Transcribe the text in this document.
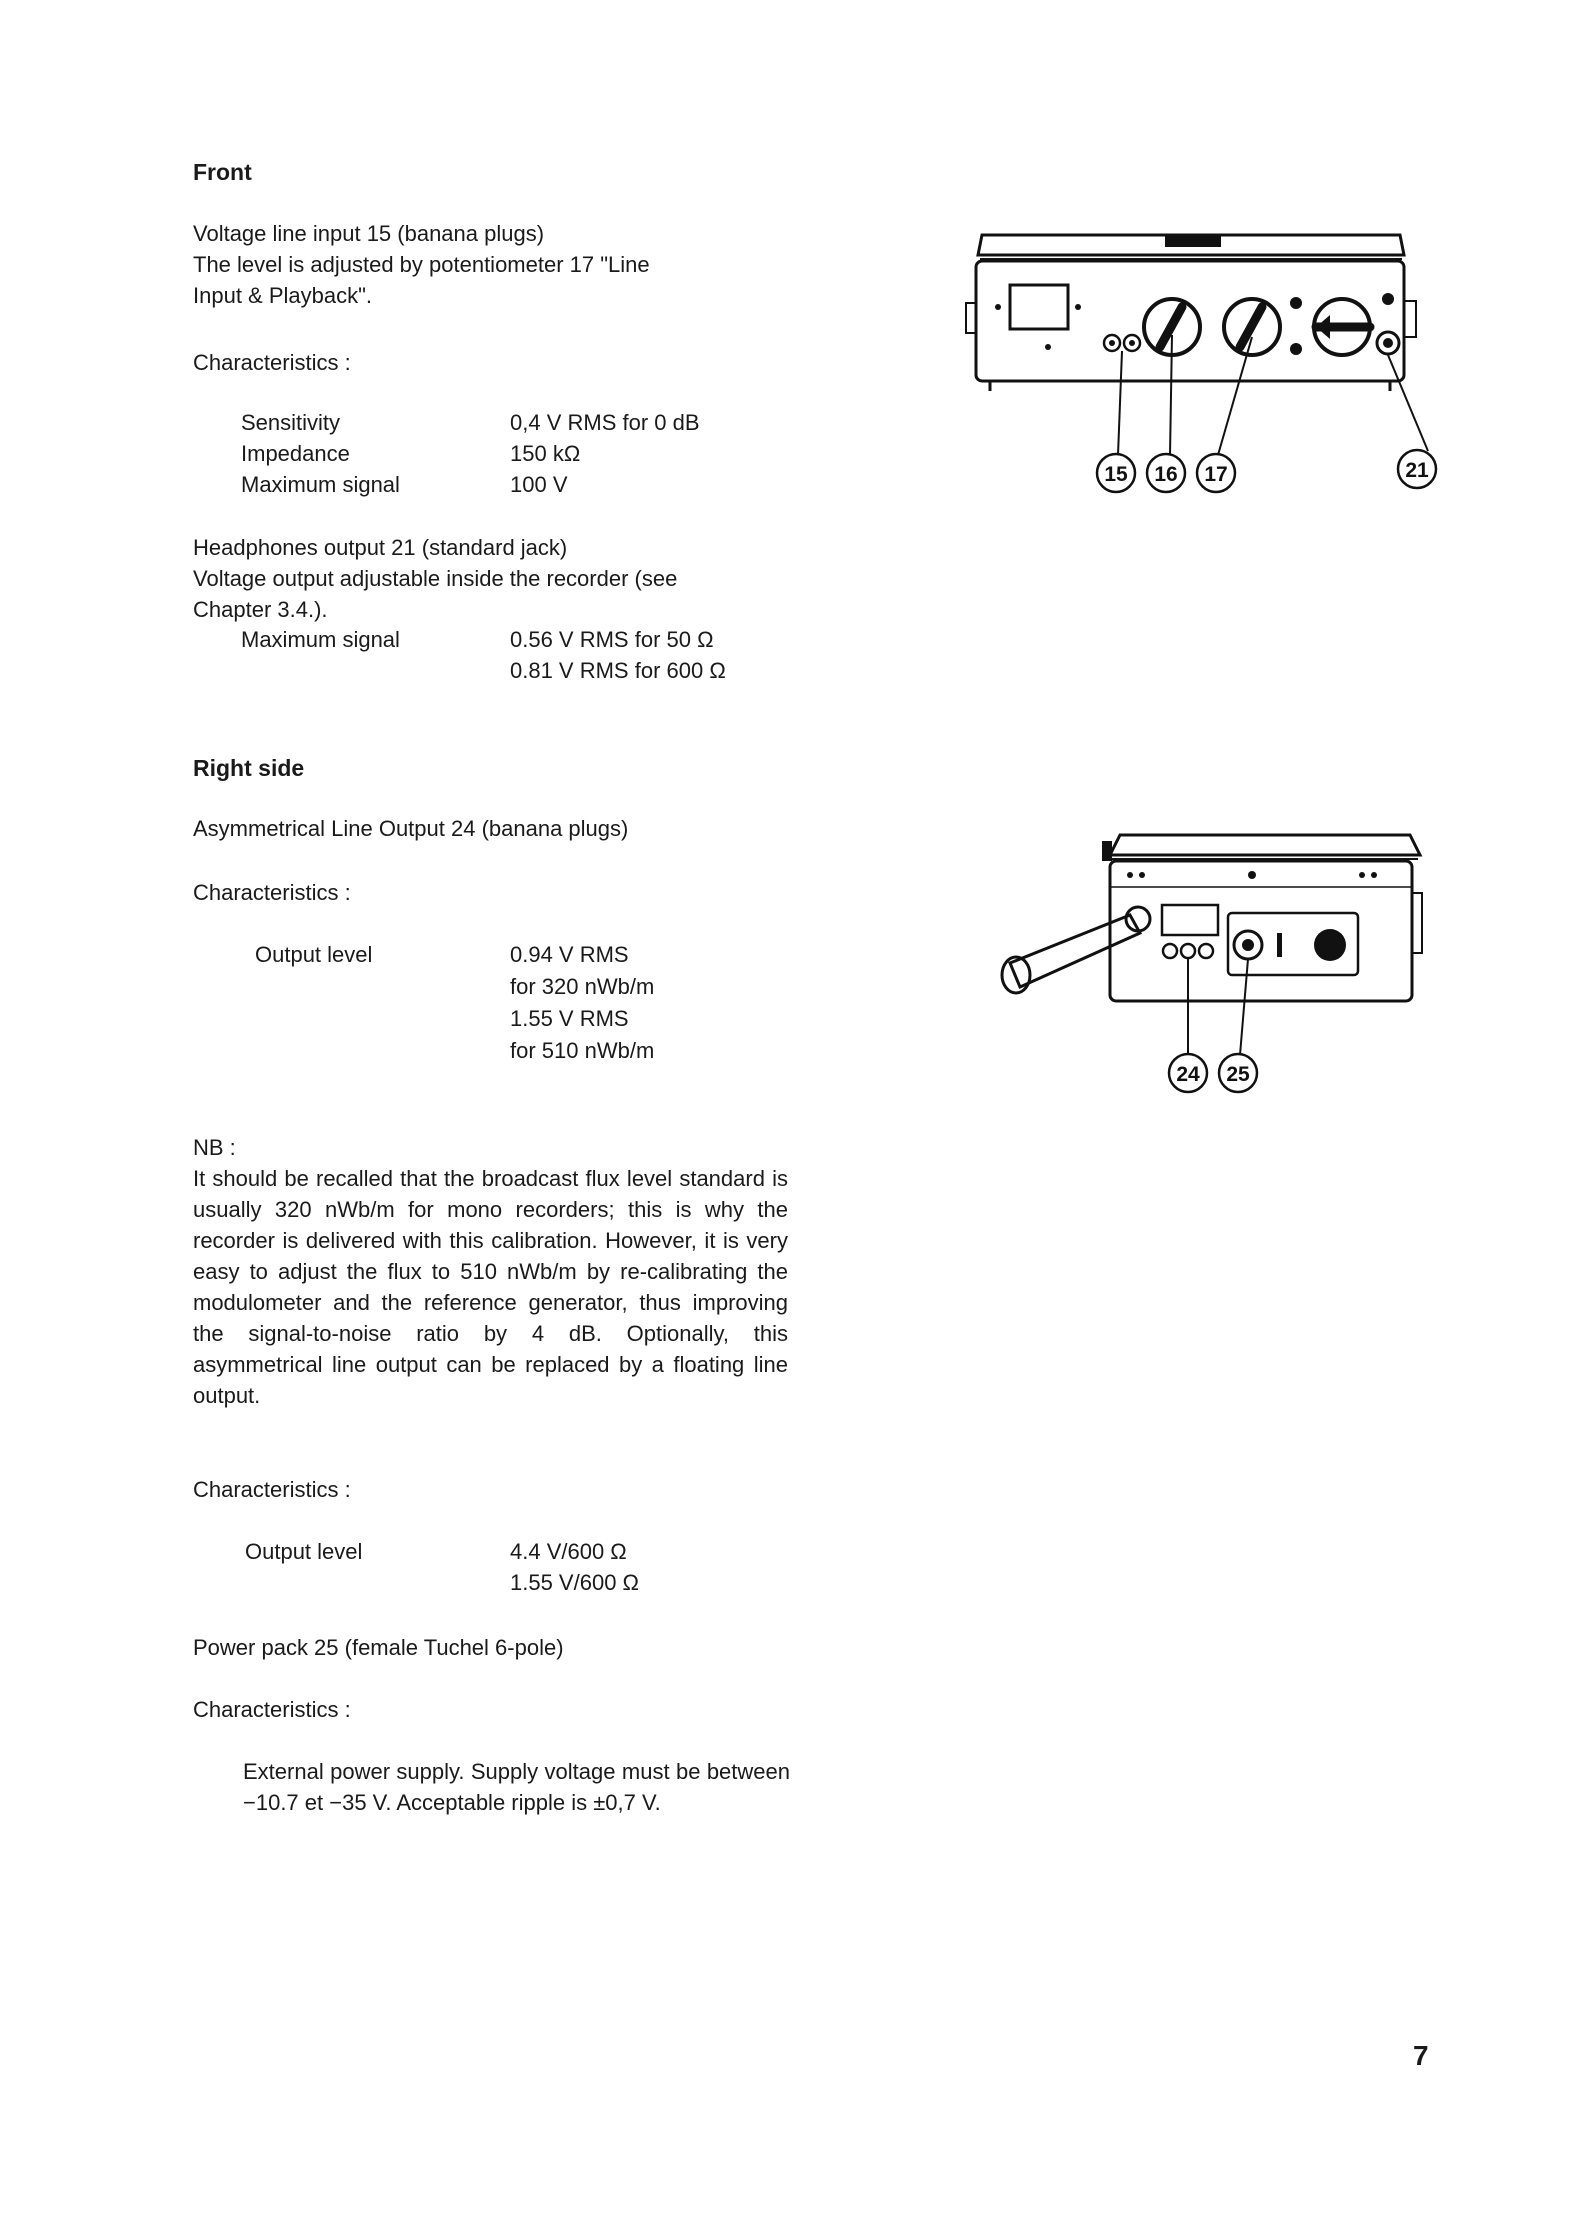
Front

Voltage line input 15 (banana plugs)

The level is adjusted by potentiometer 17 "Line

Input & Playback".

Characteristics :
Sensitivity	0,4 V RMS for 0 dB
Impedance	150 kΩ
Maximum signal	100 V

Headphones output 21 (standard jack)

Voltage output adjustable inside the recorder (see

Chapter 3.4.).

Maximum signal	0.56 V RMS for 50 Ω
0.81 V RMS for 600 Ω
Right side
Asymmetrical Line Output 24 (banana plugs)
Characteristics :
Output level	0.94 V RMS
for 320 nWb/m
1.55 V RMS
for 510 nWb/m
NB :
It should be recalled that the broadcast flux level standard is usually 320 nWb/m for mono recorders; this is why the recorder is delivered with this calibration. However, it is very easy to adjust the flux to 510 nWb/m by re-calibrating the modulometer and the reference generator, thus improving the signal-to-noise ratio by 4 dB. Optionally, this asymmetrical line output can be replaced by a floating line output.
Characteristics :
Output level	4.4 V/600 Ω
1.55 V/600 Ω
Power pack 25 (female Tuchel 6-pole)
Characteristics :
External power supply. Supply voltage must be between −10.7 et −35 V. Acceptable ripple is ±0,7 V.
15 16 17	21
24 25
7
